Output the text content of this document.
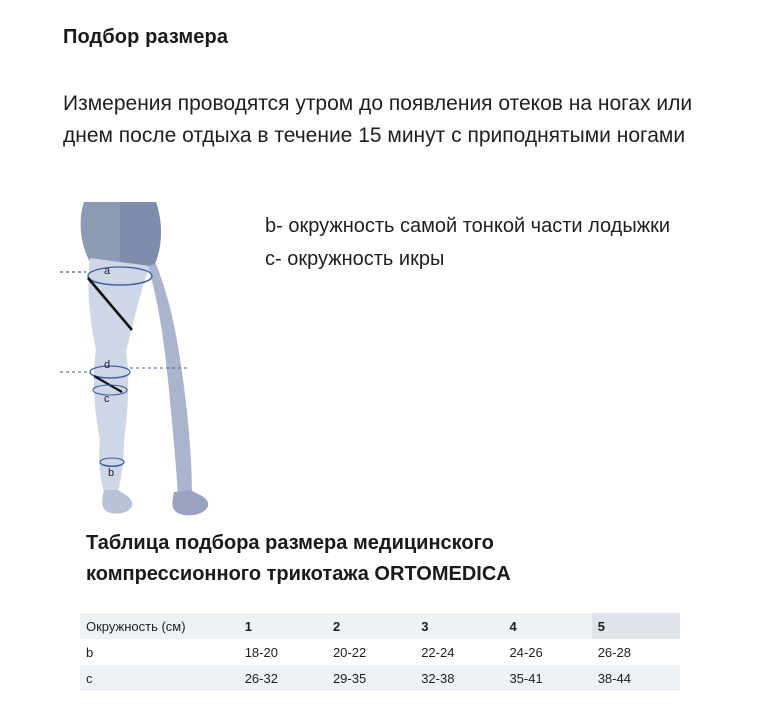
Подбор размера
Измерения проводятся утром до появления отеков на ногах или днем после отдыха в течение 15 минут с приподнятыми ногами
a
d
c
b
b- окружность самой тонкой части лодыжки
c- окружность икры
Таблица подбора размера медицинского
компрессионного трикотажа ORTOMEDICA
Окружность (см)	1	2	3	4	5
b	18-20	20-22	22-24	24-26	26-28
c	26-32	29-35	32-38	35-41	38-44
